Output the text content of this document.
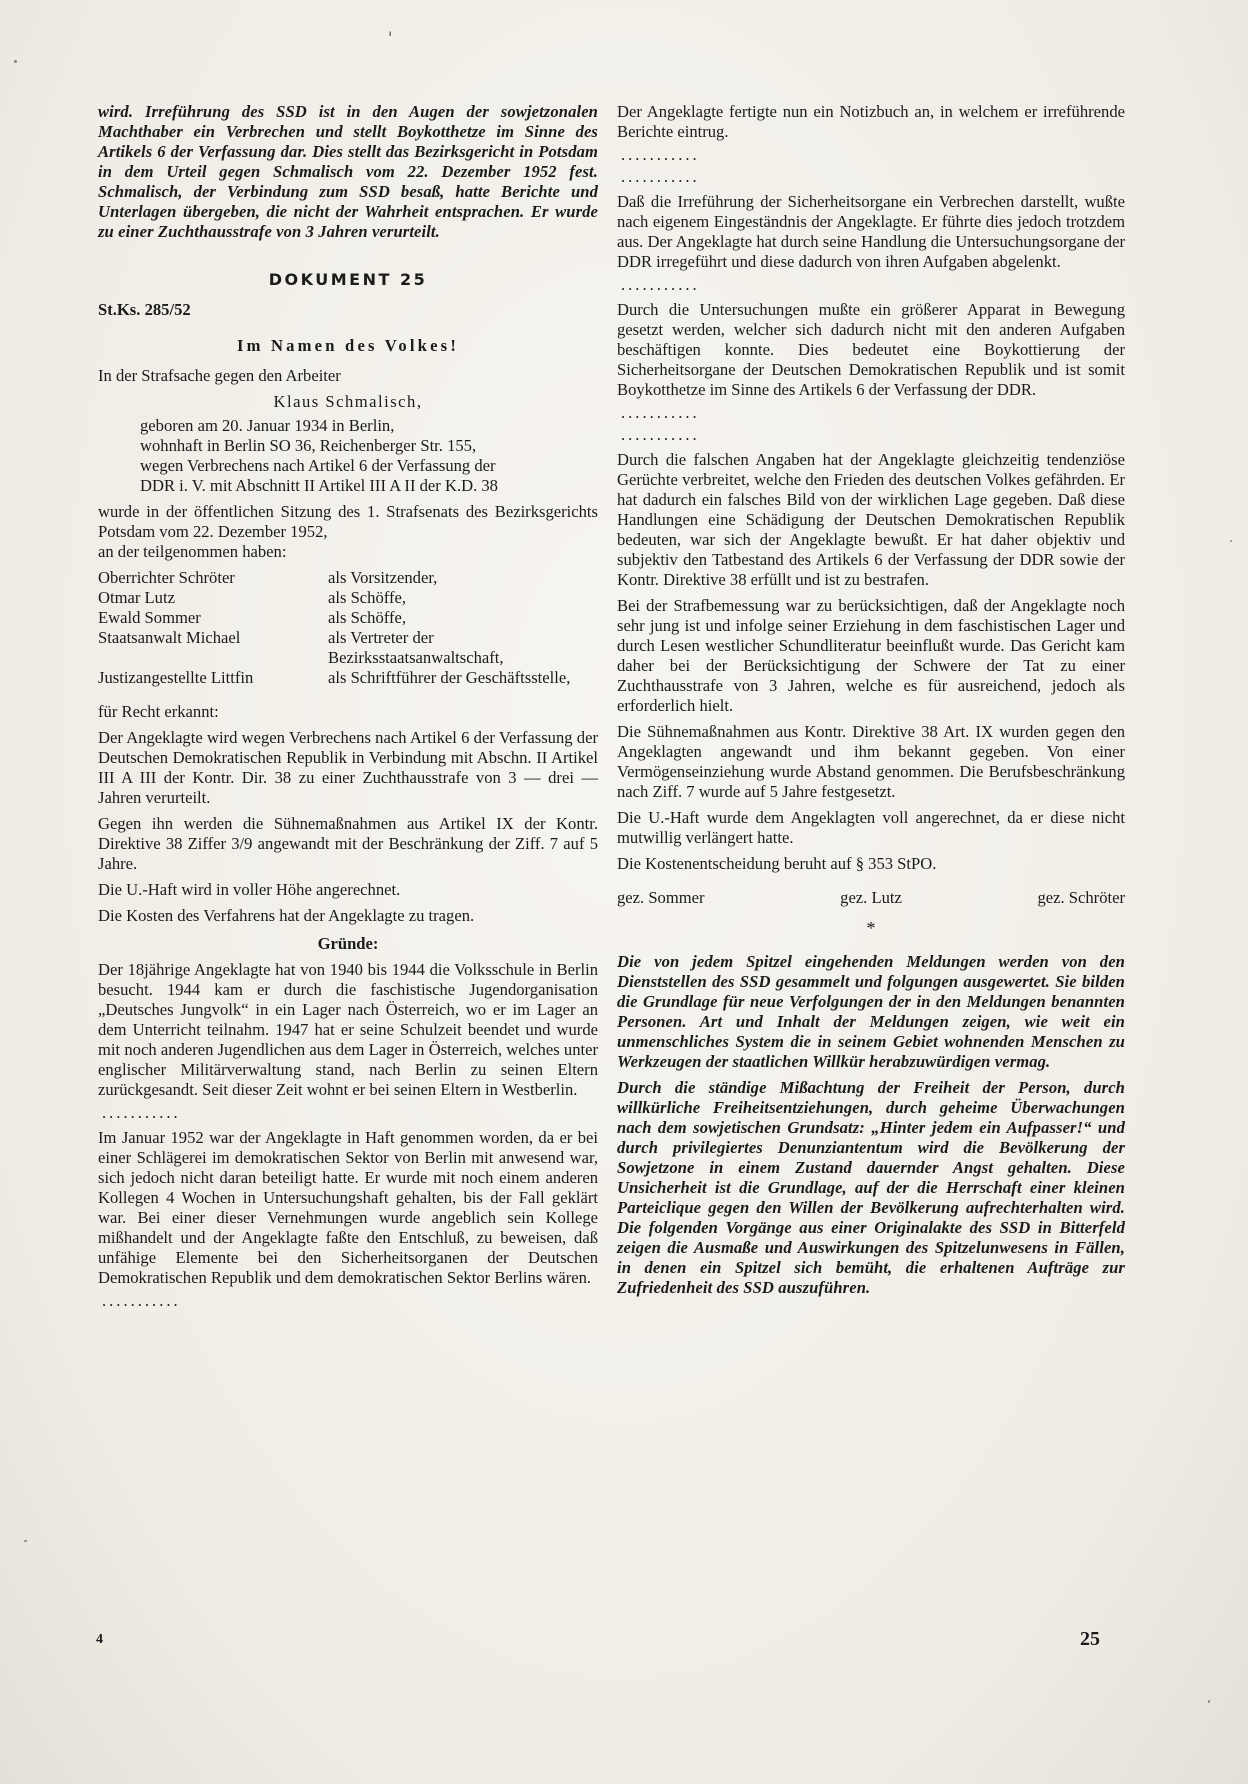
'

wird. Irreführung des SSD ist in den Augen der sowjetzonalen Machthaber ein Verbrechen und stellt Boykotthetze im Sinne des Artikels 6 der Verfassung dar. Dies stellt das Bezirksgericht in Potsdam in dem Urteil gegen Schmalisch vom 22. Dezember 1952 fest. Schmalisch, der Verbindung zum SSD besaß, hatte Berichte und Unterlagen übergeben, die nicht der Wahrheit entsprachen. Er wurde zu einer Zuchthausstrafe von 3 Jahren verurteilt.

DOKUMENT 25
St.Ks. 285/52
Im Namen des Volkes!

In der Strafsache gegen den Arbeiter

Klaus Schmalisch,
geboren am 20. Januar 1934 in Berlin,
wohnhaft in Berlin SO 36, Reichenberger Str. 155,
wegen Verbrechens nach Artikel 6 der Verfassung der
DDR i. V. mit Abschnitt II Artikel III A II der K.D. 38

wurde in der öffentlichen Sitzung des 1. Strafsenats des Bezirksgerichts Potsdam vom 22. Dezember 1952,

an der teilgenommen haben:

Oberrichter Schröter	als Vorsitzender,
Otmar Lutz	als Schöffe,
Ewald Sommer	als Schöffe,
Staatsanwalt Michael	als Vertreter der Bezirksstaatsanwaltschaft,
Justizangestellte Littfin	als Schriftführer der Geschäftsstelle,

für Recht erkannt:

Der Angeklagte wird wegen Verbrechens nach Artikel 6 der Verfassung der Deutschen Demokratischen Republik in Verbindung mit Abschn. II Artikel III A III der Kontr. Dir. 38 zu einer Zuchthausstrafe von 3 — drei — Jahren verurteilt.

Gegen ihn werden die Sühnemaßnahmen aus Artikel IX der Kontr. Direktive 38 Ziffer 3/9 angewandt mit der Beschränkung der Ziff. 7 auf 5 Jahre.

Die U.-Haft wird in voller Höhe angerechnet.

Die Kosten des Verfahrens hat der Angeklagte zu tragen.

Gründe:

Der 18jährige Angeklagte hat von 1940 bis 1944 die Volksschule in Berlin besucht. 1944 kam er durch die faschistische Jugendorganisation „Deutsches Jungvolk“ in ein Lager nach Österreich, wo er im Lager an dem Unterricht teilnahm. 1947 hat er seine Schulzeit beendet und wurde mit noch anderen Jugendlichen aus dem Lager in Österreich, welches unter englischer Militärverwaltung stand, nach Berlin zu seinen Eltern zurückgesandt. Seit dieser Zeit wohnt er bei seinen Eltern in Westberlin.

...........

Im Januar 1952 war der Angeklagte in Haft genommen worden, da er bei einer Schlägerei im demokratischen Sektor von Berlin mit anwesend war, sich jedoch nicht daran beteiligt hatte. Er wurde mit noch einem anderen Kollegen 4 Wochen in Untersuchungshaft gehalten, bis der Fall geklärt war. Bei einer dieser Vernehmungen wurde angeblich sein Kollege mißhandelt und der Angeklagte faßte den Entschluß, zu beweisen, daß unfähige Elemente bei den Sicherheitsorganen der Deutschen Demokratischen Republik und dem demokratischen Sektor Berlins wären.

...........

Der Angeklagte fertigte nun ein Notizbuch an, in welchem er irreführende Berichte eintrug.

...........
...........

Daß die Irreführung der Sicherheitsorgane ein Verbrechen darstellt, wußte nach eigenem Eingeständnis der Angeklagte. Er führte dies jedoch trotzdem aus. Der Angeklagte hat durch seine Handlung die Untersuchungsorgane der DDR irregeführt und diese dadurch von ihren Aufgaben abgelenkt.

...........

Durch die Untersuchungen mußte ein größerer Apparat in Bewegung gesetzt werden, welcher sich dadurch nicht mit den anderen Aufgaben beschäftigen konnte. Dies bedeutet eine Boykottierung der Sicherheitsorgane der Deutschen Demokratischen Republik und ist somit Boykotthetze im Sinne des Artikels 6 der Verfassung der DDR.

...........
...........

Durch die falschen Angaben hat der Angeklagte gleichzeitig tendenziöse Gerüchte verbreitet, welche den Frieden des deutschen Volkes gefährden. Er hat dadurch ein falsches Bild von der wirklichen Lage gegeben. Daß diese Handlungen eine Schädigung der Deutschen Demokratischen Republik bedeuten, war sich der Angeklagte bewußt. Er hat daher objektiv und subjektiv den Tatbestand des Artikels 6 der Verfassung der DDR sowie der Kontr. Direktive 38 erfüllt und ist zu bestrafen.

Bei der Strafbemessung war zu berücksichtigen, daß der Angeklagte noch sehr jung ist und infolge seiner Erziehung in dem faschistischen Lager und durch Lesen westlicher Schundliteratur beeinflußt wurde. Das Gericht kam daher bei der Berücksichtigung der Schwere der Tat zu einer Zuchthausstrafe von 3 Jahren, welche es für ausreichend, jedoch als erforderlich hielt.

Die Sühnemaßnahmen aus Kontr. Direktive 38 Art. IX wurden gegen den Angeklagten angewandt und ihm bekannt gegeben. Von einer Vermögenseinziehung wurde Abstand genommen. Die Berufsbeschränkung nach Ziff. 7 wurde auf 5 Jahre festgesetzt.

Die U.-Haft wurde dem Angeklagten voll angerechnet, da er diese nicht mutwillig verlängert hatte.

Die Kostenentscheidung beruht auf § 353 StPO.

gez. Sommer	gez. Lutz	gez. Schröter
*

Die von jedem Spitzel eingehenden Meldungen werden von den Dienststellen des SSD gesammelt und folgungen ausgewertet. Sie bilden die Grundlage für neue Verfolgungen der in den Meldungen benannten Personen. Art und Inhalt der Meldungen zeigen, wie weit ein unmenschliches System die in seinem Gebiet wohnenden Menschen zu Werkzeugen der staatlichen Willkür herabzuwürdigen vermag.

Durch die ständige Mißachtung der Freiheit der Person, durch willkürliche Freiheitsentziehungen, durch geheime Überwachungen nach dem sowjetischen Grundsatz: „Hinter jedem ein Aufpasser!“ und durch privilegiertes Denunziantentum wird die Bevölkerung der Sowjetzone in einem Zustand dauernder Angst gehalten. Diese Unsicherheit ist die Grundlage, auf der die Herrschaft einer kleinen Parteiclique gegen den Willen der Bevölkerung aufrechterhalten wird. Die folgenden Vorgänge aus einer Originalakte des SSD in Bitterfeld zeigen die Ausmaße und Auswirkungen des Spitzelunwesens in Fällen, in denen ein Spitzel sich bemüht, die erhaltenen Aufträge zur Zufriedenheit des SSD auszuführen.

4	25
